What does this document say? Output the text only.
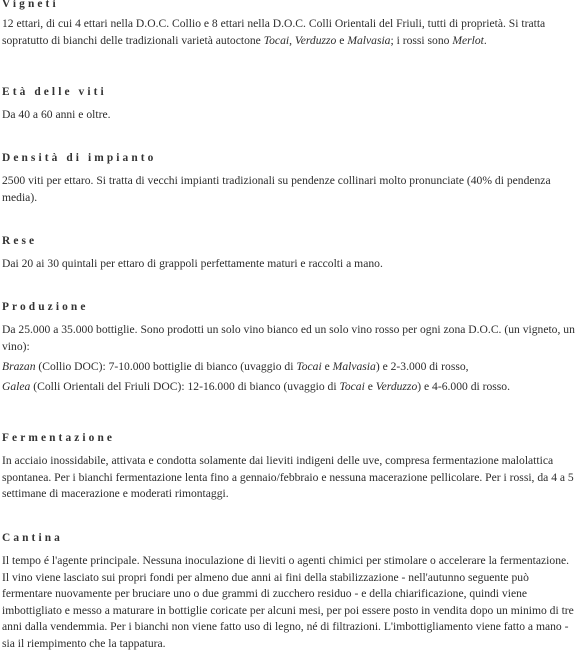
Vigneti

12 ettari, di cui 4 ettari nella D.O.C. Collio e 8 ettari nella D.O.C. Colli Orientali del Friuli, tutti di proprietà. Si tratta sopratutto di bianchi delle tradizionali varietà autoctone Tocai, Verduzzo e Malvasia; i rossi sono Merlot.

Età delle viti

Da 40 a 60 anni e oltre.

Densità di impianto

2500 viti per ettaro. Si tratta di vecchi impianti tradizionali su pendenze collinari molto pronunciate (40% di pendenza media).

Rese

Dai 20 ai 30 quintali per ettaro di grappoli perfettamente maturi e raccolti a mano.

Produzione

Da 25.000 a 35.000 bottiglie. Sono prodotti un solo vino bianco ed un solo vino rosso per ogni zona D.O.C. (un vigneto, un vino):

Brazan (Collio DOC): 7-10.000 bottiglie di bianco (uvaggio di Tocai e Malvasia) e 2-3.000 di rosso,

Galea (Colli Orientali del Friuli DOC): 12-16.000 di bianco (uvaggio di Tocai e Verduzzo) e 4-6.000 di rosso.

Fermentazione

In acciaio inossidabile, attivata e condotta solamente dai lieviti indigeni delle uve, compresa fermentazione malolattica spontanea. Per i bianchi fermentazione lenta fino a gennaio/febbraio e nessuna macerazione pellicolare. Per i rossi, da 4 a 5 settimane di macerazione e moderati rimontaggi.

Cantina

Il tempo é l'agente principale. Nessuna inoculazione di lieviti o agenti chimici per stimolare o accelerare la fermentazione. Il vino viene lasciato sui propri fondi per almeno due anni ai fini della stabilizzazione - nell'autunno seguente può fermentare nuovamente per bruciare uno o due grammi di zucchero residuo - e della chiarificazione, quindi viene imbottigliato e messo a maturare in bottiglie coricate per alcuni mesi, per poi essere posto in vendita dopo un minimo di tre anni dalla vendemmia. Per i bianchi non viene fatto uso di legno, né di filtrazioni. L'imbottigliamento viene fatto a mano - sia il riempimento che la tappatura.
